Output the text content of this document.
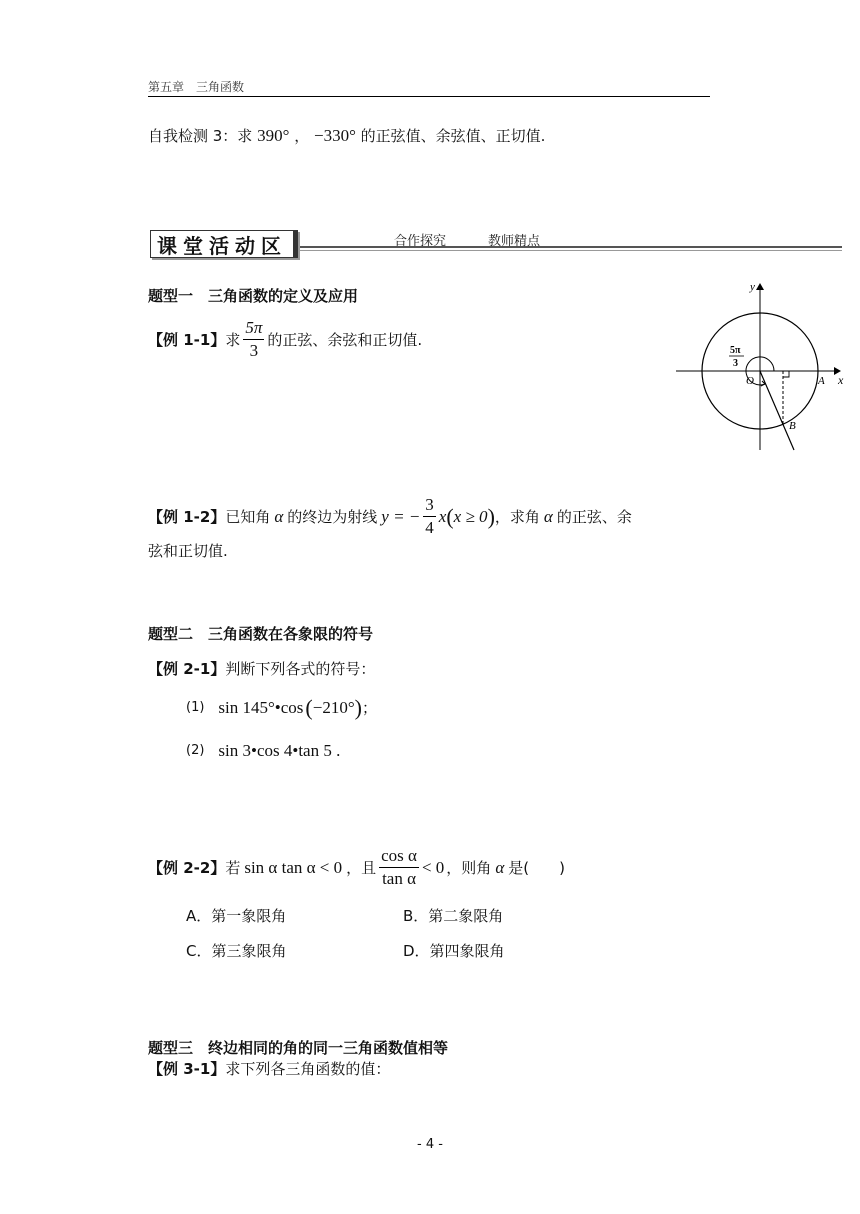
第五章　三角函数
自我检测 3：求 390° ， −330° 的正弦值、余弦值、正切值.
课堂活动区	合作探究	教师精点
题型一　三角函数的定义及应用
【例 1-1】 求 $\frac{5\pi}{3}$ 的正弦、余弦和正切值.
y
x
A
O
B
5π
3
【例 1-2】 已知角 α 的终边为射线 y = − $\frac{3}{4}$ x ( x ≥ 0 ) ，求角 α 的正弦、余
弦和正切值.
题型二　三角函数在各象限的符号
【例 2-1】判断下列各式的符号：
(1) sin 145°•cos ( −210° ) ；
(2) sin 3•cos 4•tan 5 .
【例 2-2】 若 sin α tan α < 0 ，且 $\frac{\text{cos α}}{\text{tan α}} < 0$ ，则角 α 是(　　)
A．第一象限角	B．第二象限角
C．第三象限角	D．第四象限角
题型三　终边相同的角的同一三角函数值相等
【例 3-1】求下列各三角函数的值：
- 4 -
